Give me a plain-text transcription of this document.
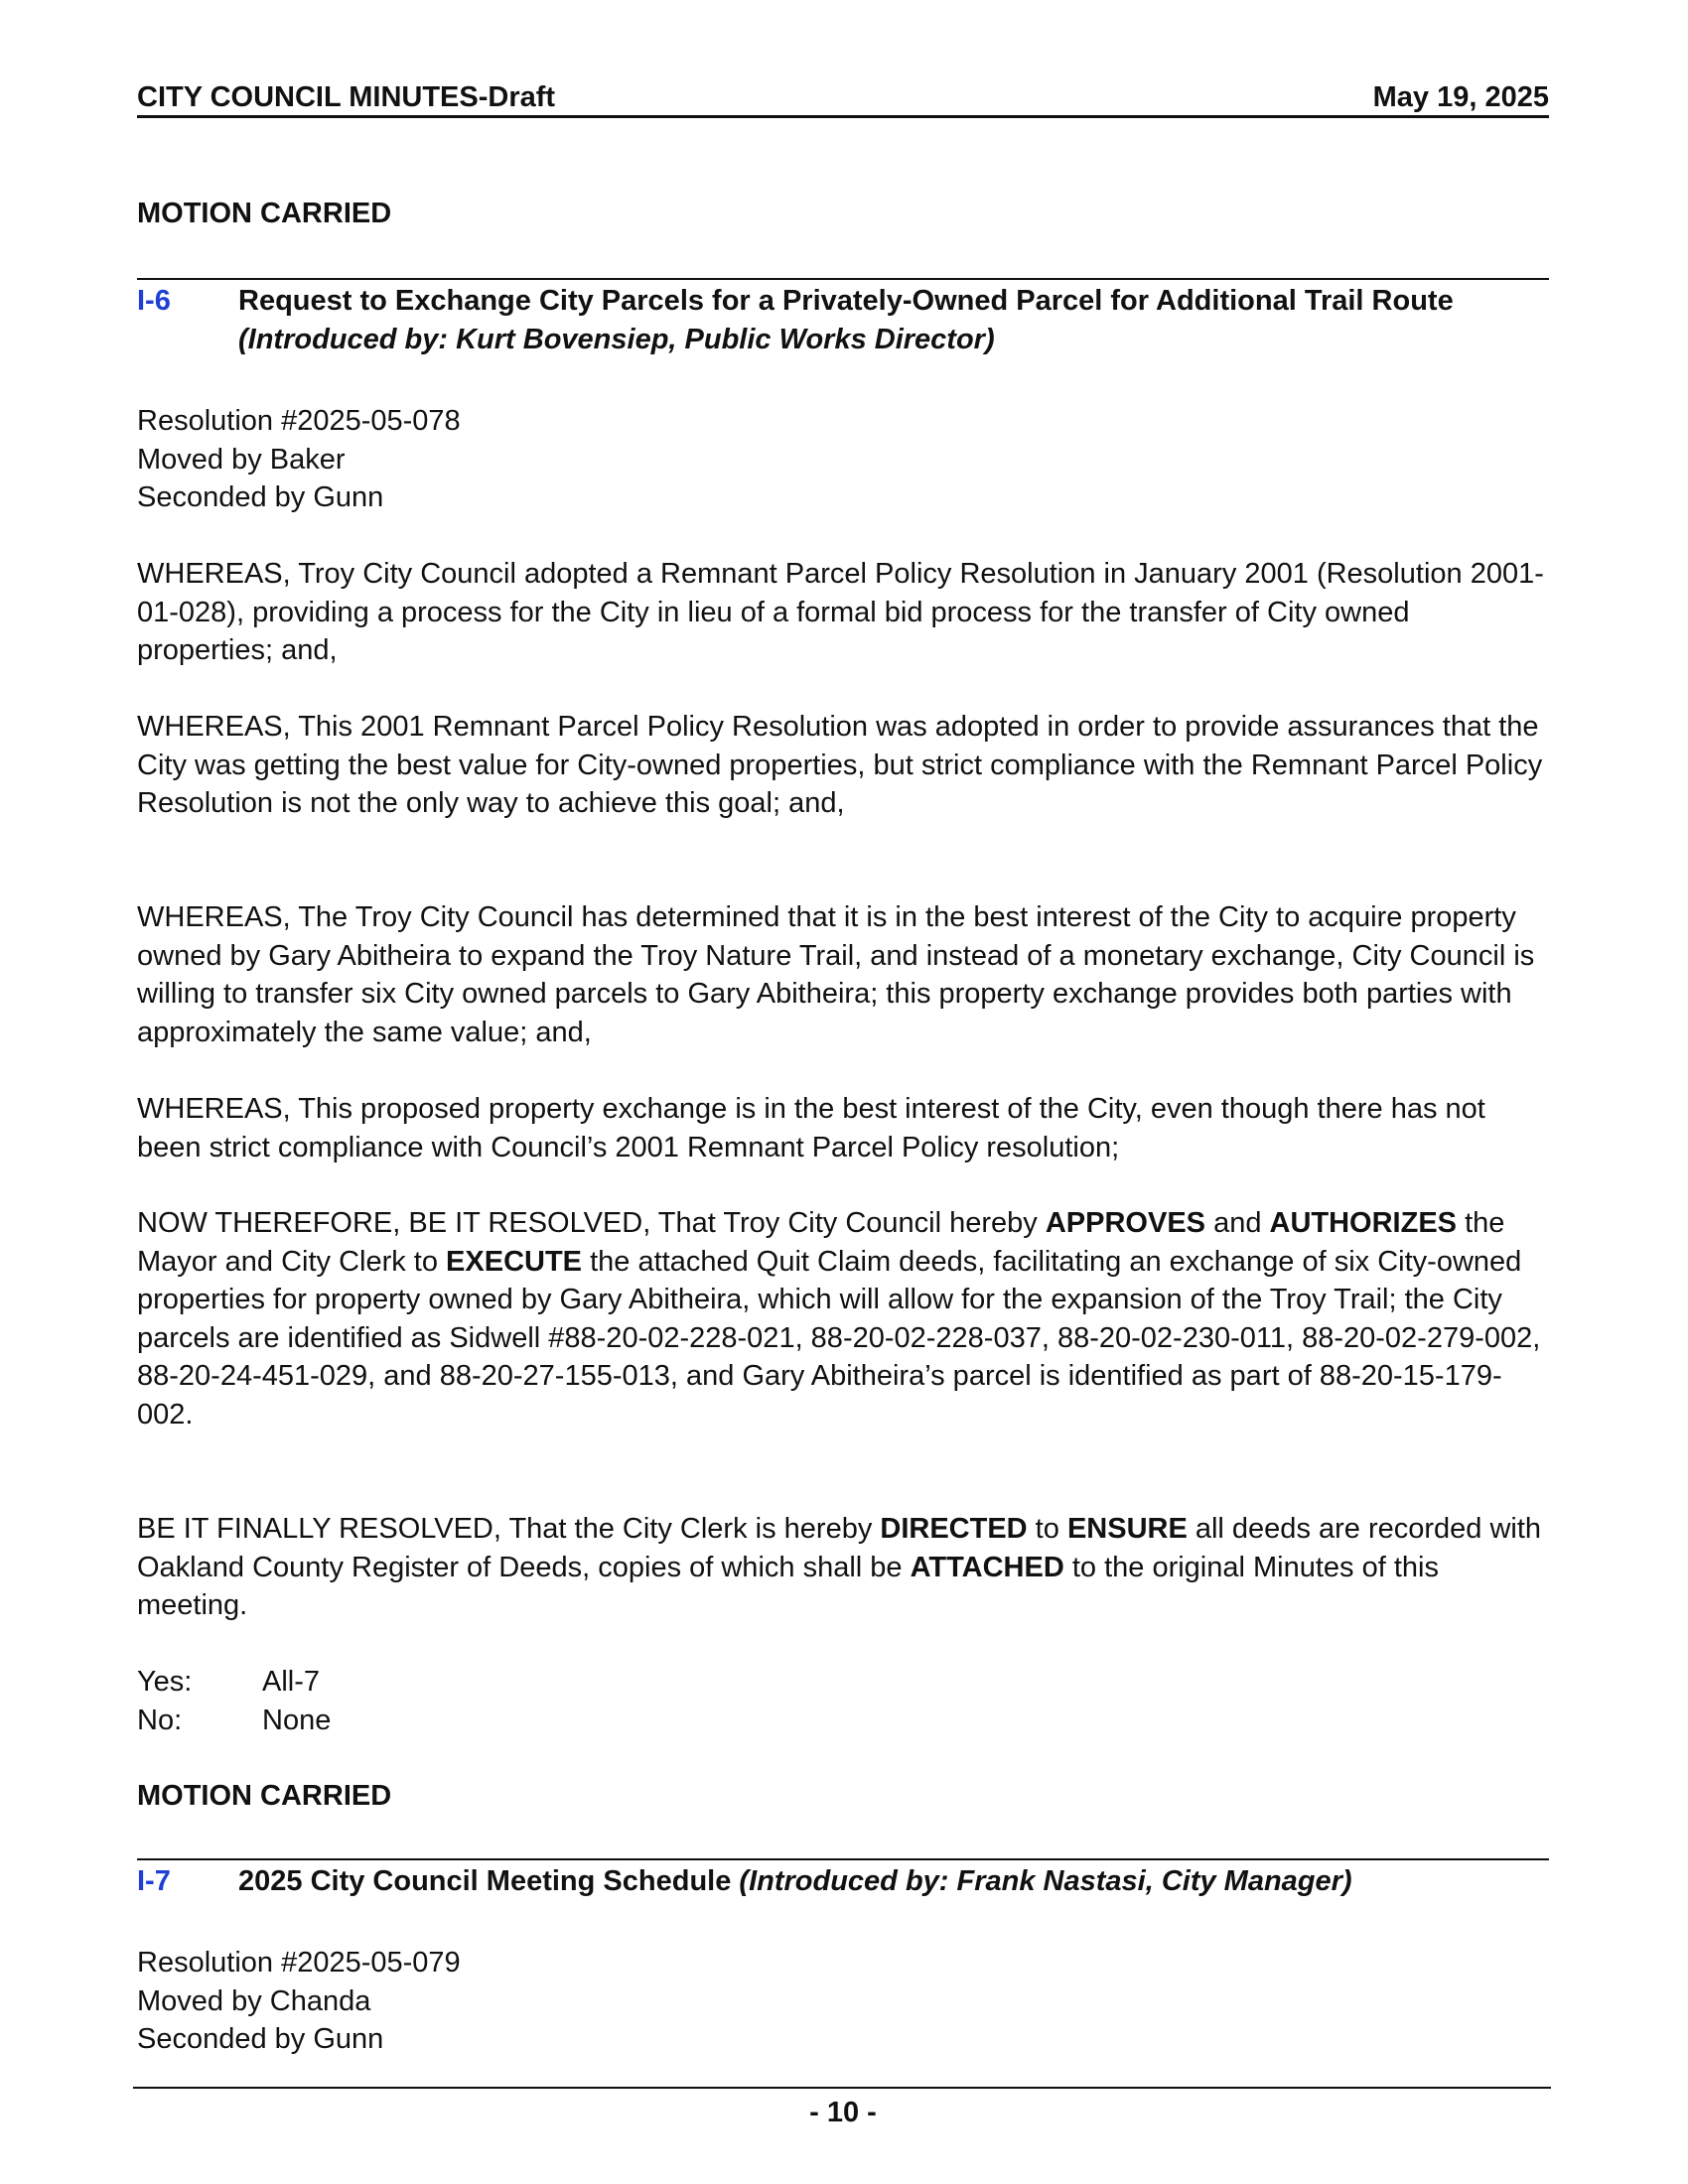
CITY COUNCIL MINUTES-Draft	May 19, 2025
MOTION CARRIED
I-6 Request to Exchange City Parcels for a Privately-Owned Parcel for Additional Trail Route (Introduced by: Kurt Bovensiep, Public Works Director)
Resolution #2025-05-078
Moved by Baker
Seconded by Gunn
WHEREAS, Troy City Council adopted a Remnant Parcel Policy Resolution in January 2001 (Resolution 2001-01-028), providing a process for the City in lieu of a formal bid process for the transfer of City owned properties; and,
WHEREAS, This 2001 Remnant Parcel Policy Resolution was adopted in order to provide assurances that the City was getting the best value for City-owned properties, but strict compliance with the Remnant Parcel Policy Resolution is not the only way to achieve this goal; and,
WHEREAS, The Troy City Council has determined that it is in the best interest of the City to acquire property owned by Gary Abitheira to expand the Troy Nature Trail, and instead of a monetary exchange, City Council is willing to transfer six City owned parcels to Gary Abitheira; this property exchange provides both parties with approximately the same value; and,
WHEREAS, This proposed property exchange is in the best interest of the City, even though there has not been strict compliance with Council’s 2001 Remnant Parcel Policy resolution;
NOW THEREFORE, BE IT RESOLVED, That Troy City Council hereby APPROVES and AUTHORIZES the Mayor and City Clerk to EXECUTE the attached Quit Claim deeds, facilitating an exchange of six City-owned properties for property owned by Gary Abitheira, which will allow for the expansion of the Troy Trail; the City parcels are identified as Sidwell #88-20-02-228-021, 88-20-02-228-037, 88-20-02-230-011, 88-20-02-279-002, 88-20-24-451-029, and 88-20-27-155-013, and Gary Abitheira’s parcel is identified as part of 88-20-15-179-002.
BE IT FINALLY RESOLVED, That the City Clerk is hereby DIRECTED to ENSURE all deeds are recorded with Oakland County Register of Deeds, copies of which shall be ATTACHED to the original Minutes of this meeting.
Yes: All-7
No:	None
MOTION CARRIED
I-7 2025 City Council Meeting Schedule (Introduced by: Frank Nastasi, City Manager)
Resolution #2025-05-079
Moved by Chanda
Seconded by Gunn
- 10 -
